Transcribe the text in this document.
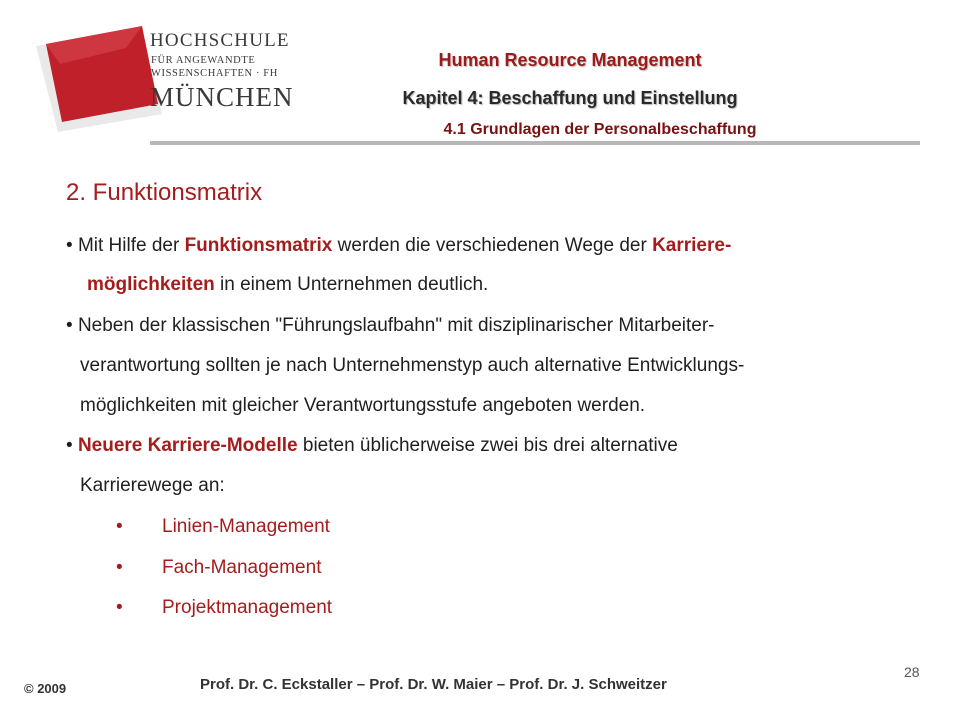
HOCHSCHULE
FÜR ANGEWANDTE
WISSENSCHAFTEN · FH
MÜNCHEN
Human Resource Management
Kapitel 4: Beschaffung und Einstellung
4.1 Grundlagen der Personalbeschaffung
2. Funktionsmatrix
• Mit Hilfe der Funktionsmatrix werden die verschiedenen Wege der Karriere-
möglichkeiten in einem Unternehmen deutlich.
• Neben der klassischen "Führungslaufbahn" mit disziplinarischer Mitarbeiter-
verantwortung sollten je nach Unternehmenstyp auch alternative Entwicklungs-
möglichkeiten mit gleicher Verantwortungsstufe angeboten werden.
• Neuere Karriere-Modelle bieten üblicherweise zwei bis drei alternative
Karrierewege an:
• Linien-Management
• Fach-Management
• Projektmanagement
© 2009	Prof. Dr. C. Eckstaller – Prof. Dr. W. Maier – Prof. Dr. J. Schweitzer
28
